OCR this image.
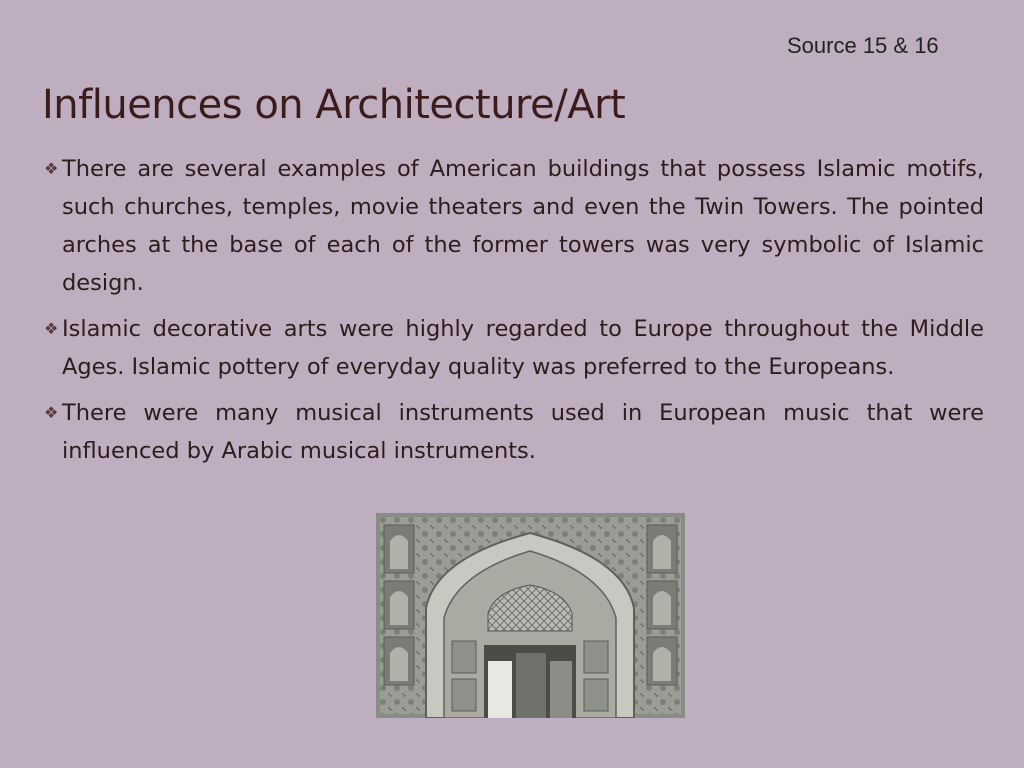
Source 15 & 16
Influences on Architecture/Art
❖ There are several examples of American buildings that possess Islamic motifs, such churches, temples, movie theaters and even the Twin Towers. The pointed arches at the base of each of the former towers was very symbolic of Islamic design.
❖ Islamic decorative arts were highly regarded to Europe throughout the Middle Ages. Islamic pottery of everyday quality was preferred to the Europeans.
❖ There were many musical instruments used in European music that were influenced by Arabic musical instruments.
